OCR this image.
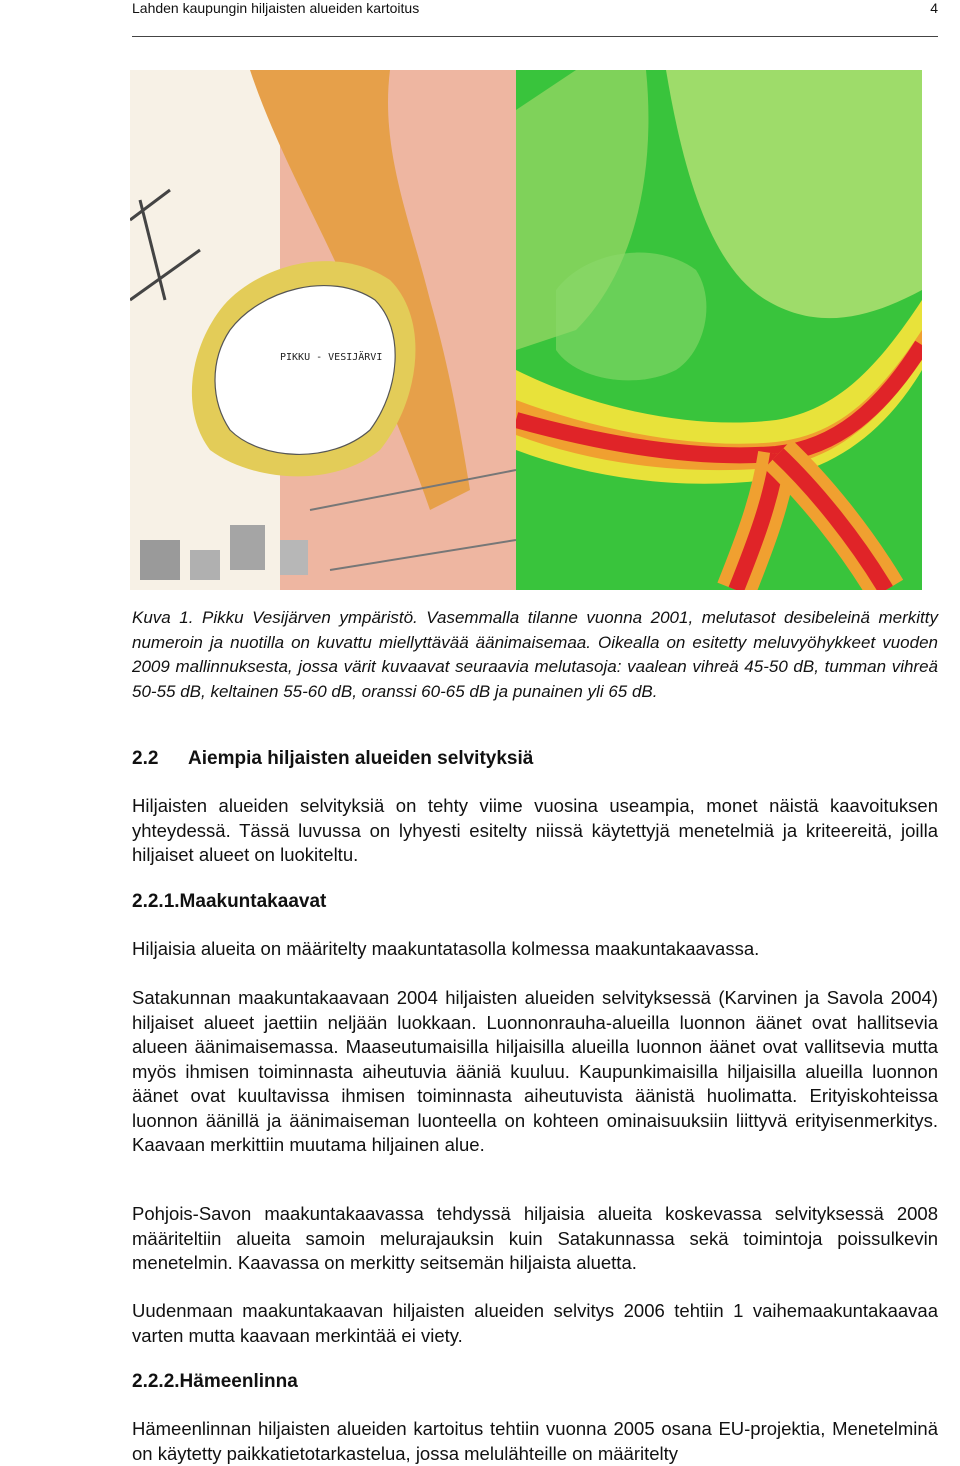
Lahden kaupungin hiljaisten alueiden kartoitus	4
PIKKU - VESIJÄRVI
Kuva 1. Pikku Vesijärven ympäristö. Vasemmalla tilanne vuonna 2001, melutasot desibeleinä merkitty numeroin ja nuotilla on kuvattu miellyttävää äänimaisemaa. Oikealla on esitetty meluvyöhykkeet vuoden 2009 mallinnuksesta, jossa värit kuvaavat seuraavia melutasoja: vaalean vihreä 45-50 dB, tumman vihreä 50-55 dB, keltainen 55-60 dB, oranssi 60-65 dB ja punainen yli 65 dB.
2.2 Aiempia hiljaisten alueiden selvityksiä
Hiljaisten alueiden selvityksiä on tehty viime vuosina useampia, monet näistä kaavoituksen yhteydessä. Tässä luvussa on lyhyesti esitelty niissä käytettyjä menetelmiä ja kriteereitä, joilla hiljaiset alueet on luokiteltu.
2.2.1.Maakuntakaavat
Hiljaisia alueita on määritelty maakuntatasolla kolmessa maakuntakaavassa.
Satakunnan maakuntakaavaan 2004 hiljaisten alueiden selvityksessä (Karvinen ja Savola 2004) hiljaiset alueet jaettiin neljään luokkaan. Luonnonrauha-alueilla luonnon äänet ovat hallitsevia alueen äänimaisemassa. Maaseutumaisilla hiljaisilla alueilla luonnon äänet ovat vallitsevia mutta myös ihmisen toiminnasta aiheutuvia ääniä kuuluu. Kaupunkimaisilla hiljaisilla alueilla luonnon äänet ovat kuultavissa ihmisen toiminnasta aiheutuvista äänistä huolimatta. Erityiskohteissa luonnon äänillä ja äänimaiseman luonteella on kohteen ominaisuuksiin liittyvä erityisenmerkitys. Kaavaan merkittiin muutama hiljainen alue.
Pohjois-Savon maakuntakaavassa tehdyssä hiljaisia alueita koskevassa selvityksessä 2008 määriteltiin alueita samoin melurajauksin kuin Satakunnassa sekä toimintoja poissulkevin menetelmin. Kaavassa on merkitty seitsemän hiljaista aluetta.
Uudenmaan maakuntakaavan hiljaisten alueiden selvitys 2006 tehtiin 1 vaihemaakuntakaavaa varten mutta kaavaan merkintää ei viety.
2.2.2.Hämeenlinna
Hämeenlinnan hiljaisten alueiden kartoitus tehtiin vuonna 2005 osana EU-projektia, Menetelminä on käytetty paikkatietotarkastelua, jossa melulähteille on määritelty
